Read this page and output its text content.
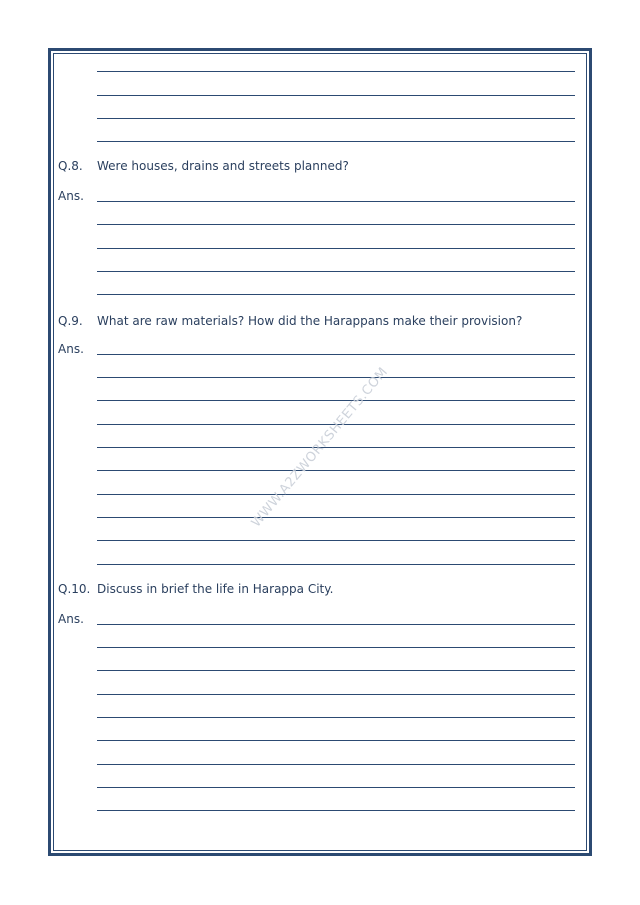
Q.8. Were houses, drains and streets planned?
Ans.
Q.9. What are raw materials? How did the Harappans make their provision?
Ans.
Q.10. Discuss in brief the life in Harappa City.
Ans.
WWW.A2ZWORKSHEETS.COM
